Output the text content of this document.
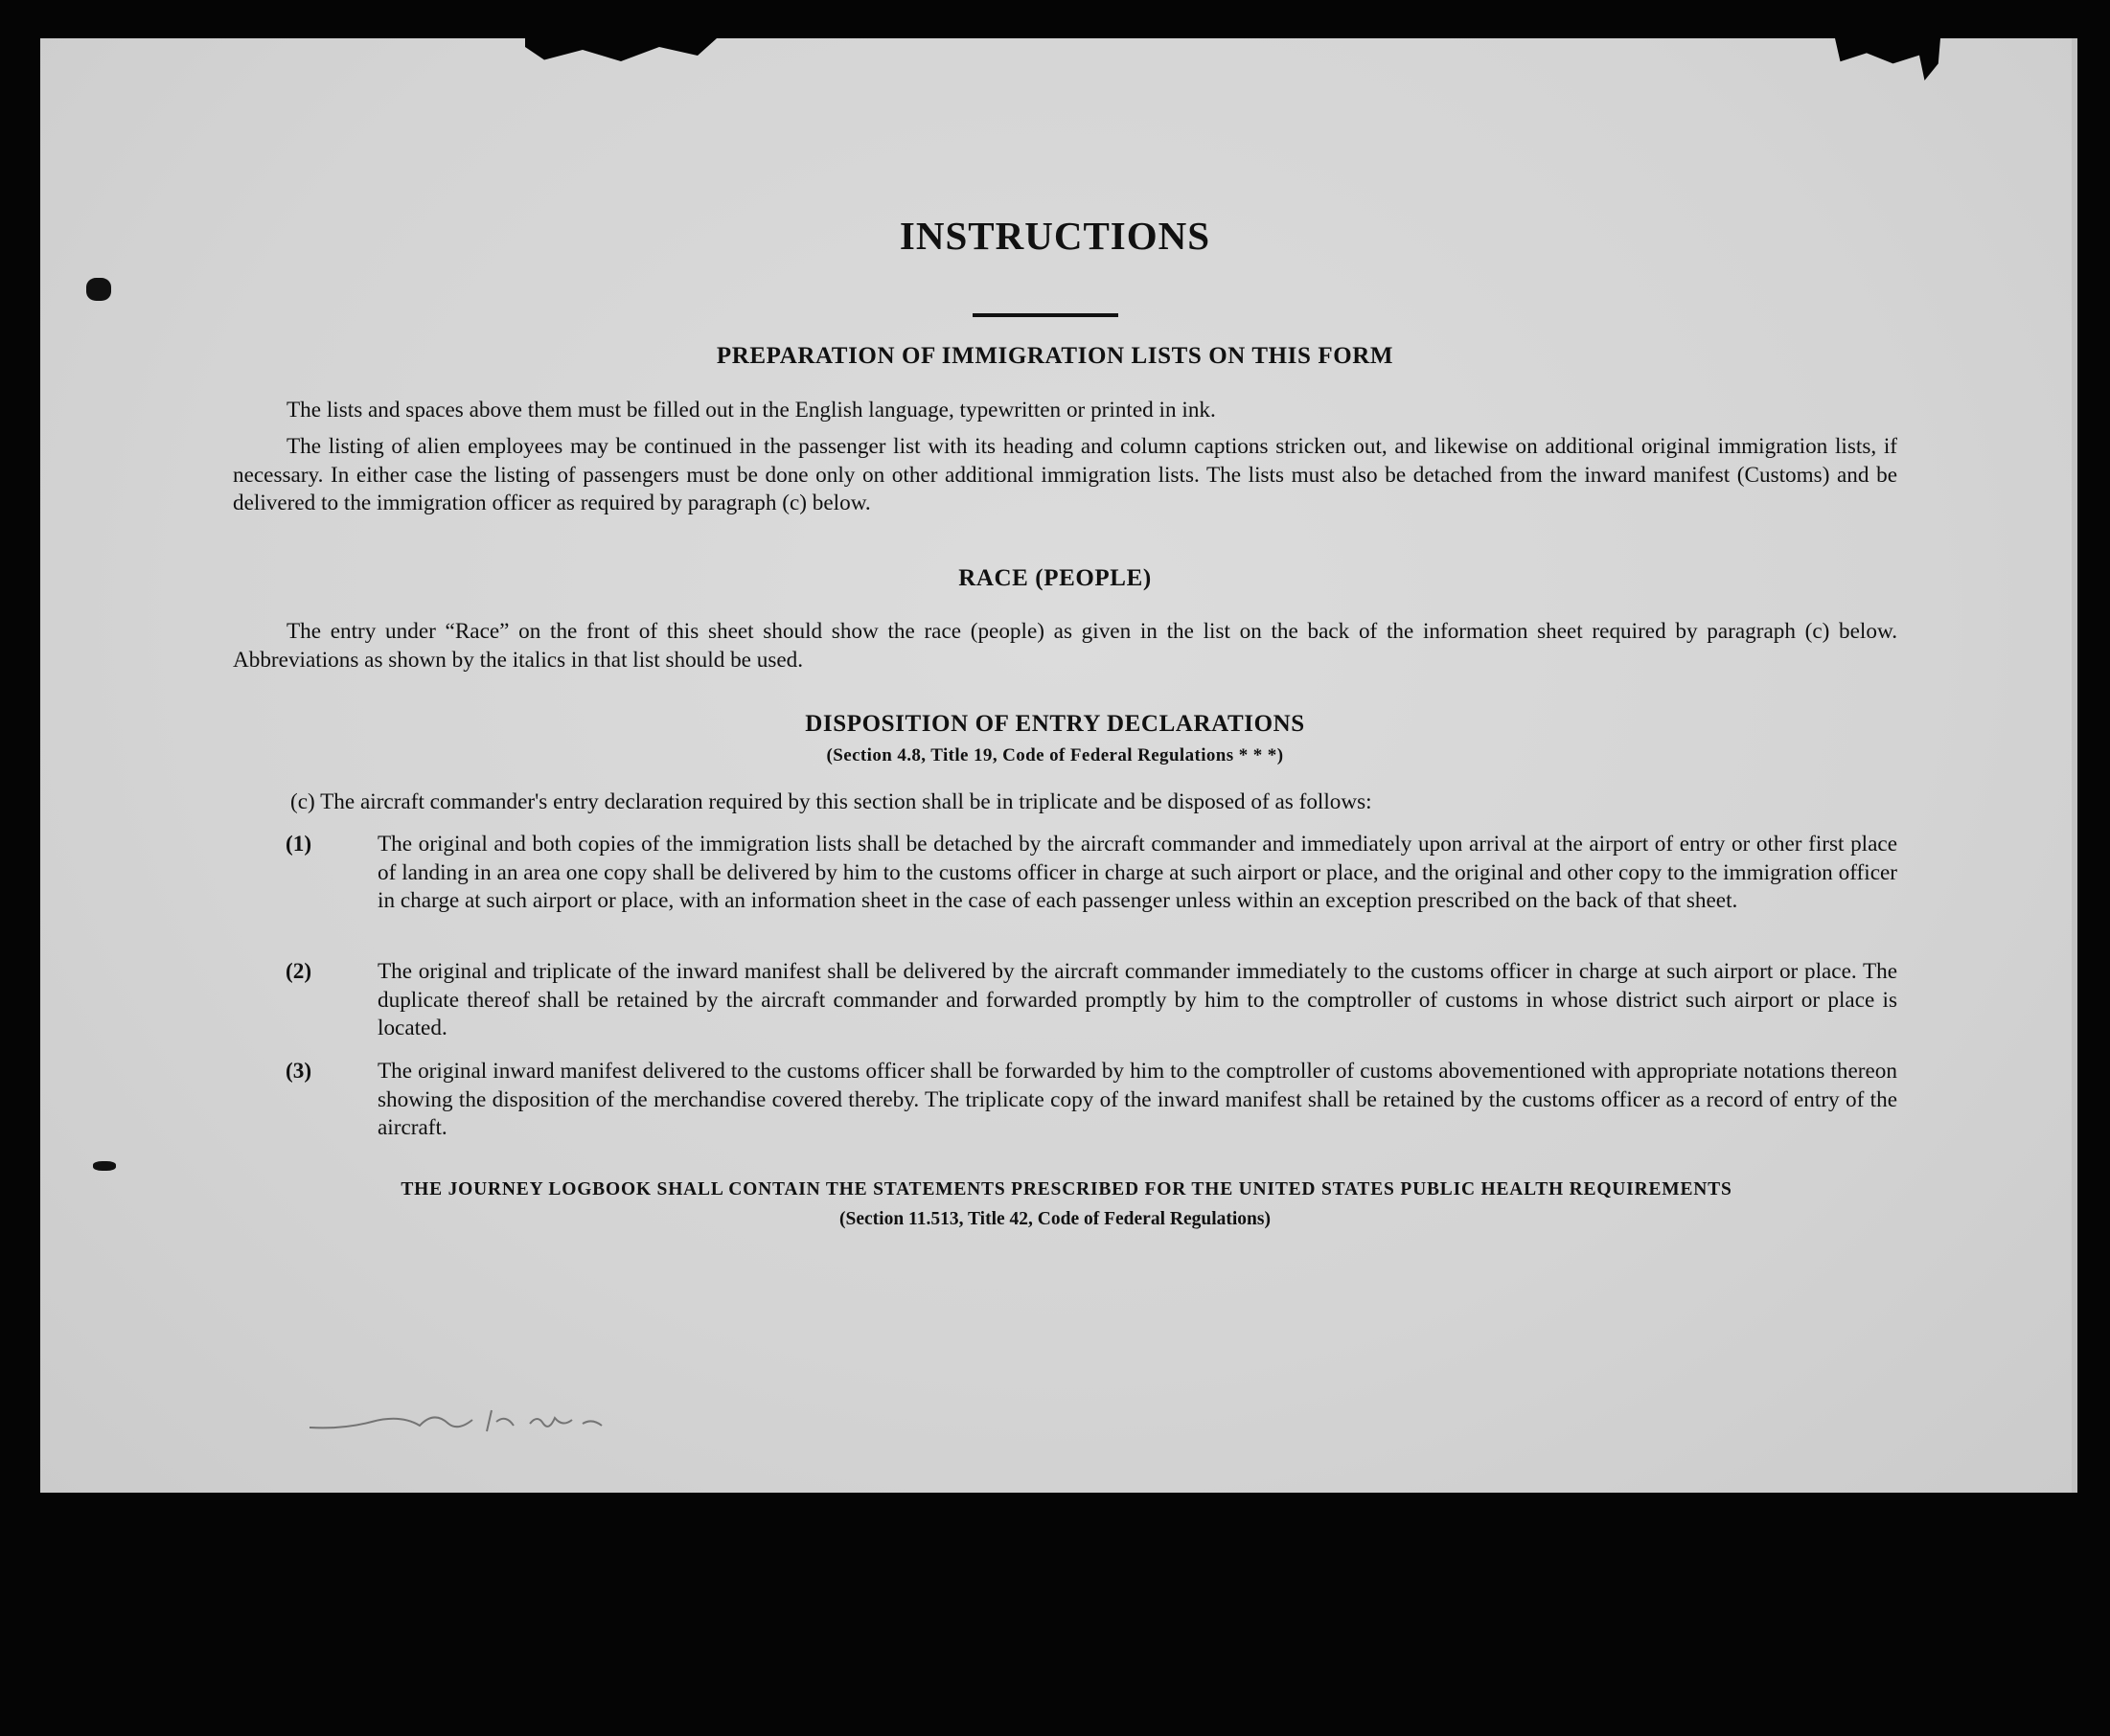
INSTRUCTIONS
PREPARATION OF IMMIGRATION LISTS ON THIS FORM

The lists and spaces above them must be filled out in the English language, typewritten or printed in ink.

The listing of alien employees may be continued in the passenger list with its heading and column captions stricken out, and likewise on additional original immigration lists, if necessary. In either case the listing of passengers must be done only on other additional immigration lists. The lists must also be detached from the inward manifest (Customs) and be delivered to the immigration officer as required by paragraph (c) below.

RACE (PEOPLE)

The entry under “Race” on the front of this sheet should show the race (people) as given in the list on the back of the information sheet required by paragraph (c) below. Abbreviations as shown by the italics in that list should be used.

DISPOSITION OF ENTRY DECLARATIONS
(Section 4.8, Title 19, Code of Federal Regulations * * *)

(c) The aircraft commander's entry declaration required by this section shall be in triplicate and be disposed of as follows:

(1)	The original and both copies of the immigration lists shall be detached by the aircraft commander and immediately upon arrival at the airport of entry or other first place of landing in an area one copy shall be delivered by him to the customs officer in charge at such airport or place, and the original and other copy to the immigration officer in charge at such airport or place, with an information sheet in the case of each passenger unless within an exception prescribed on the back of that sheet.

(2)	The original and triplicate of the inward manifest shall be delivered by the aircraft commander immediately to the customs officer in charge at such airport or place. The duplicate thereof shall be retained by the aircraft commander and forwarded promptly by him to the comptroller of customs in whose district such airport or place is located.

(3)	The original inward manifest delivered to the customs officer shall be forwarded by him to the comptroller of customs abovementioned with appropriate notations thereon showing the disposition of the merchandise covered thereby. The triplicate copy of the inward manifest shall be retained by the customs officer as a record of entry of the aircraft.

THE JOURNEY LOGBOOK SHALL CONTAIN THE STATEMENTS PRESCRIBED FOR THE UNITED STATES PUBLIC HEALTH REQUIREMENTS
(Section 11.513, Title 42, Code of Federal Regulations)
